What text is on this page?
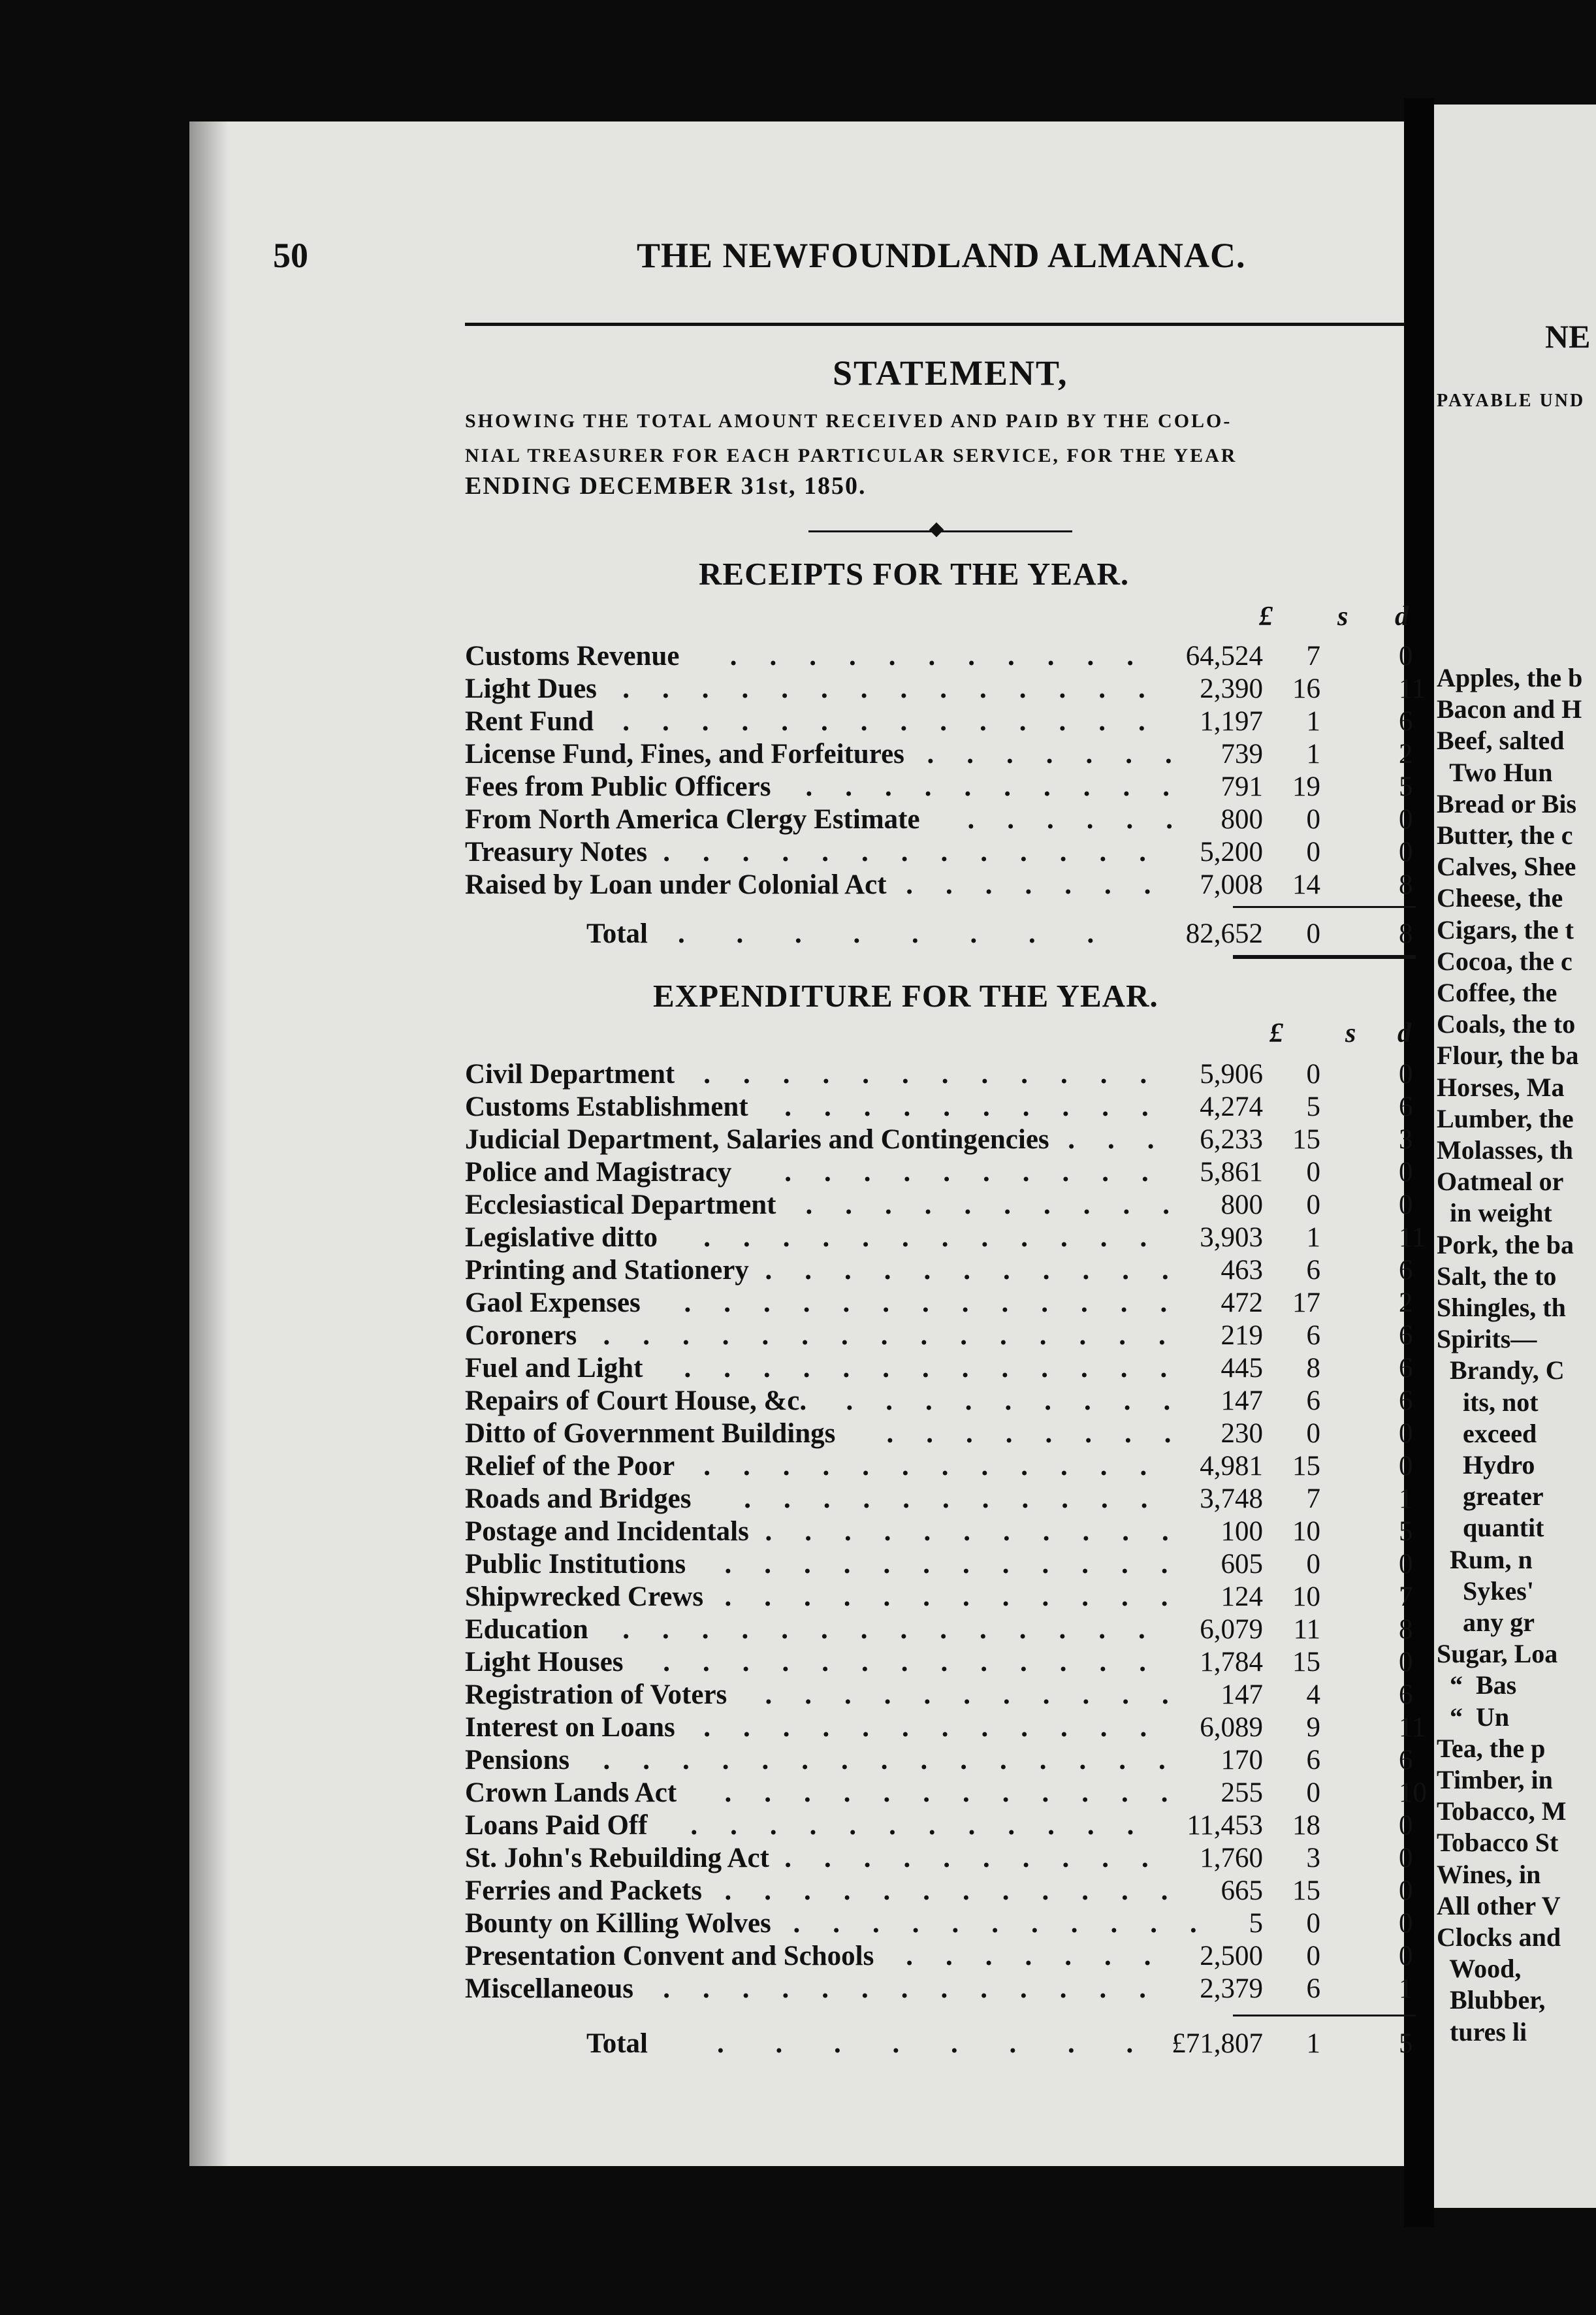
NE
PAYABLE UND
Apples, the b
Bacon and H
Beef, salted
Two Hun
Bread or Bis
Butter, the c
Calves, Shee
Cheese, the
Cigars, the t
Cocoa, the c
Coffee, the
Coals, the to
Flour, the ba
Horses, Ma
Lumber, the
Molasses, th
Oatmeal or
in weight
Pork, the ba
Salt, the to
Shingles, th
Spirits—
Brandy, C
its, not
exceed
Hydro
greater
quantit
Rum, n
Sykes'
any gr
Sugar, Loa
“  Bas
“  Un
Tea, the p
Timber, in
Tobacco, M
Tobacco St
Wines, in
All other V
Clocks and
Wood,
Blubber,
tures li
50	THE NEWFOUNDLAND ALMANAC.
STATEMENT,
SHOWING THE TOTAL AMOUNT RECEIVED AND PAID BY THE COLO-
NIAL TREASURER FOR EACH PARTICULAR SERVICE, FOR THE YEAR
ENDING DECEMBER 31st, 1850.
RECEIPTS FOR THE YEAR.
£ s d
Customs Revenue	64,524 7	0
...........
Light Dues	2,390 16	11
..............
Rent Fund	1,197 1	6
..............
License Fund, Fines, and Forfeitures	739 1	2
.......
Fees from Public Officers	791 19	5
..........
From North America Clergy Estimate	800 0	0
......
Treasury Notes	5,200 0	0
.............
Raised by Loan under Colonial Act	7,008 14	8
.......
Total . . . . . . . . 82,652 0	8
EXPENDITURE FOR THE YEAR.
£ s d
Civil Department	5,906 0	0
............
Customs Establishment	4,274 5	6
..........
Judicial Department, Salaries and Contingencies	6,233 15	3
...
Police and Magistracy	5,861 0	0
..........
Ecclesiastical Department	800 0	0
..........
Legislative ditto	3,903 1	11
............
Printing and Stationery	463 6	6
...........
Gaol Expenses	472 17	2
.............
Coroners	219 6	6
...............
Fuel and Light	445 8	6
.............
Repairs of Court House, &c.	147 6	6
.........
Ditto of Government Buildings	230 0	0
........
Relief of the Poor	4,981 15	0
............
Roads and Bridges	3,748 7	1
...........
Postage and Incidentals	100 10	5
...........
Public Institutions	605 0	0
............
Shipwrecked Crews	124 10	7
............
Education	6,079 11	8
..............
Light Houses	1,784 15	0
.............
Registration of Voters	147 4	6
...........
Interest on Loans	6,089 9	11
............
Pensions	170 6	6
...............
Crown Lands Act	255 0	10
............
Loans Paid Off	11,453 18	0
............
St. John's Rebuilding Act	1,760 3	0
..........
Ferries and Packets	665 15	0
............
Bounty on Killing Wolves	5 0	0
...........
Presentation Convent and Schools	2,500 0	0
.......
Miscellaneous	2,379 6	1
.............
Total . . . . . . . . £71,807 1	5
